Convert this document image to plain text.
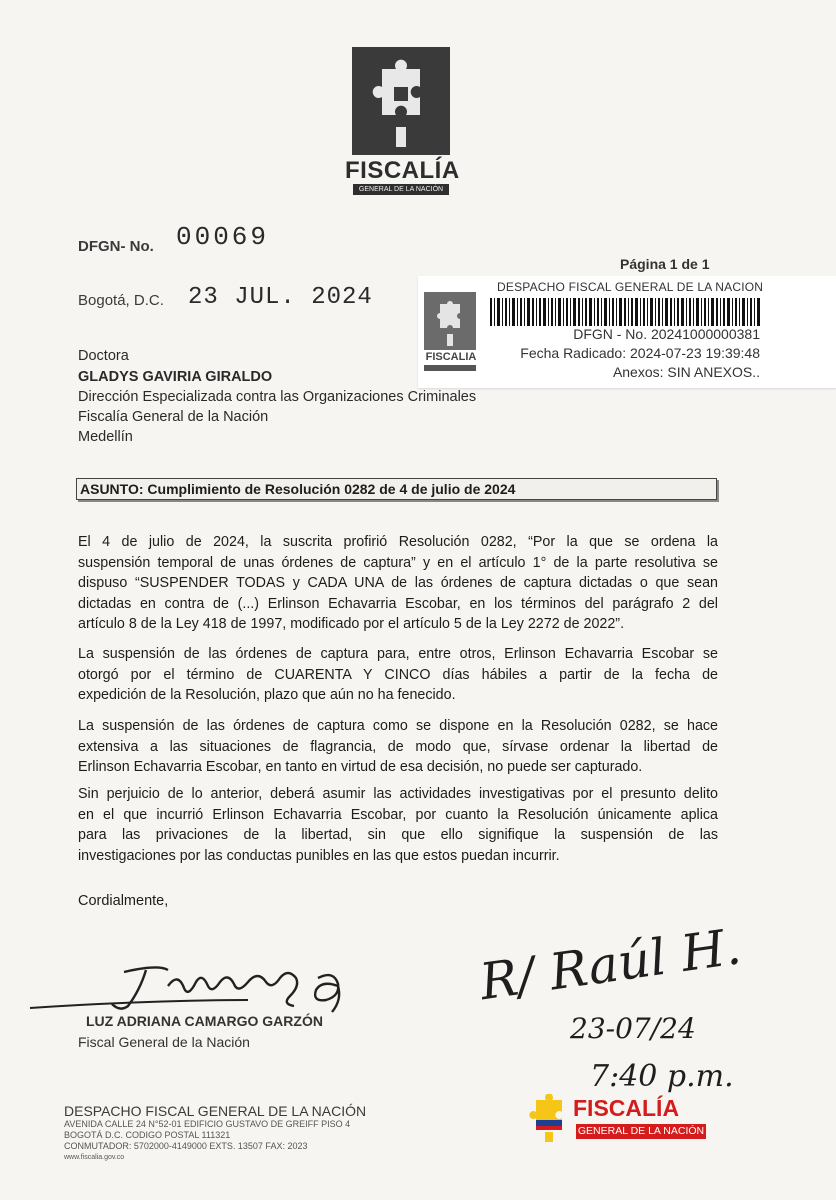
FISCALÍA
GENERAL DE LA NACIÓN
DFGN- No. 00069
Bogotá, D.C. 23 JUL. 2024
Página 1 de 1
DESPACHO FISCAL GENERAL DE LA NACION
FISCALIA
DFGN - No. 20241000000381
Fecha Radicado: 2024-07-23 19:39:48
Anexos: SIN ANEXOS..
Doctora
GLADYS GAVIRIA GIRALDO
Dirección Especializada contra las Organizaciones Criminales
Fiscalía General de la Nación
Medellín
ASUNTO: Cumplimiento de Resolución 0282 de 4 de julio de 2024
El 4 de julio de 2024, la suscrita profirió Resolución 0282, “Por la que se ordena la
suspensión temporal de unas órdenes de captura” y en el artículo 1° de la parte resolutiva se
dispuso “SUSPENDER TODAS y CADA UNA de las órdenes de captura dictadas o que sean
dictadas en contra de (...) Erlinson Echavarria Escobar, en los términos del parágrafo 2 del
artículo 8 de la Ley 418 de 1997, modificado por el artículo 5 de la Ley 2272 de 2022”.
La suspensión de las órdenes de captura para, entre otros, Erlinson Echavarria Escobar se
otorgó por el término de CUARENTA Y CINCO días hábiles a partir de la fecha de
expedición de la Resolución, plazo que aún no ha fenecido.
La suspensión de las órdenes de captura como se dispone en la Resolución 0282, se hace
extensiva a las situaciones de flagrancia, de modo que, sírvase ordenar la libertad de
Erlinson Echavarria Escobar, en tanto en virtud de esa decisión, no puede ser capturado.
Sin perjuicio de lo anterior, deberá asumir las actividades investigativas por el presunto delito
en el que incurrió Erlinson Echavarria Escobar, por cuanto la Resolución únicamente aplica
para las privaciones de la libertad, sin que ello signifique la suspensión de las
investigaciones por las conductas punibles en las que estos puedan incurrir.
Cordialmente,
LUZ ADRIANA CAMARGO GARZÓN
Fiscal General de la Nación
R/ Raúl H.
23-07/24
7:40 p.m.
DESPACHO FISCAL GENERAL DE LA NACIÓN
AVENIDA CALLE 24 N°52-01 EDIFICIO GUSTAVO DE GREIFF PISO 4
BOGOTÁ D.C. CODIGO POSTAL 111321
CONMUTADOR: 5702000-4149000 EXTS. 13507 FAX: 2023
www.fiscalia.gov.co
FISCALÍA
GENERAL DE LA NACIÓN
